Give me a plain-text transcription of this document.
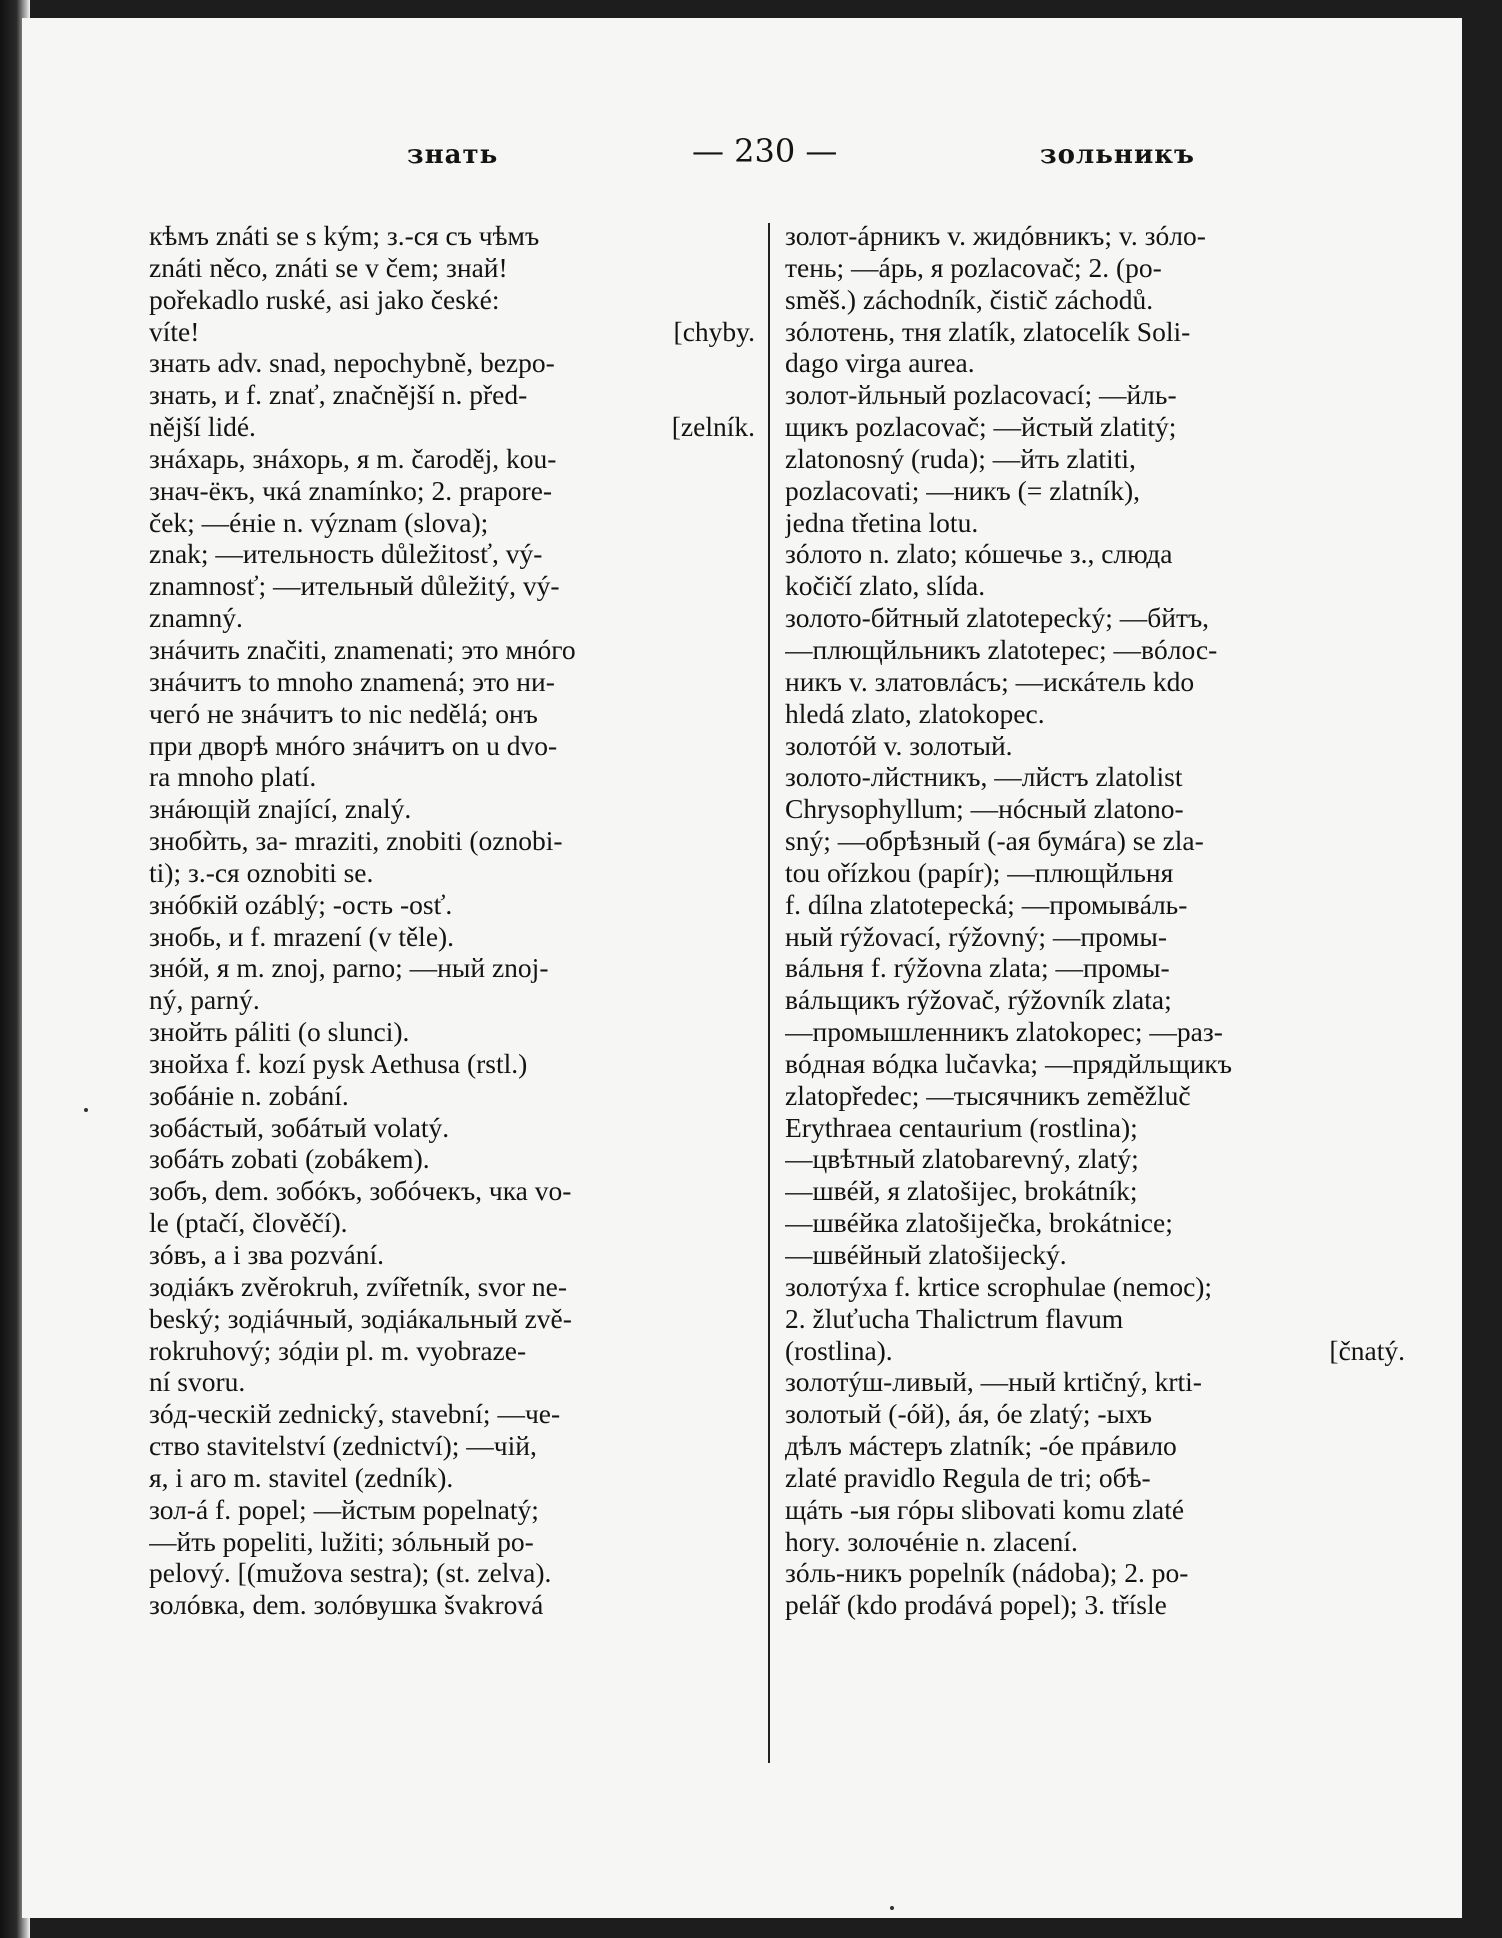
знать	— 230 —	зольникъ
кѣмъ znáti se s kým; з.-ся съ чѣмъ
znáti něco, znáti se v čem; знай!
pořekadlo ruské, asi jako české:
víte!	[chyby.
знать adv. snad, nepochybně, bezpo-
знать, и f. znať, značnější n. před-
nější lidé.	[zelník.
знáхарь, знáхорь, я m. čaroděj, kou-
знач-ёкъ, чкá znamínko; 2. prapore-
ček; —éніе n. význam (slova);
znak; —ительность důležitosť, vý-
znamnosť; —ительный důležitý, vý-
znamný.
знáчить značiti, znamenati; это мнóго
знáчитъ to mnoho znamená; это ни-
чегó не знáчитъ to nic nedělá; онъ
при дворѣ мнóго знáчитъ on u dvo-
ra mnoho platí.
знáющій znající, znalý.
знобѝть, за- mraziti, znobiti (oznobi-
ti); з.-ся oznobiti se.
знóбкій ozáblý; -ость -osť.
знобь, и f. mrazení (v těle).
знóй, я m. znoj, parno; —ный znoj-
ný, parný.
знойть páliti (o slunci).
знойха f. kozí pysk Aethusa (rstl.)
зобáніе n. zobání.
зобáстый, зобáтый volatý.
зобáть zobati (zobákem).
зобъ, dem. зобóкъ, зобóчекъ, чка vo-
le (ptačí, člověčí).
зóвъ, а і зва pozvání.
зодіáкъ zvěrokruh, zvířetník, svor ne-
beský; зодіáчный, зодіáкальный zvě-
rokruhový; зóдіи pl. m. vyobraze-
ní svoru.
зóд-ческій zednický, stavební; —че-
ство stavitelství (zednictví); —чій,
я, і аго m. stavitel (zedník).
зол-á f. popel; —йстым popelnatý;
—йть popeliti, lužiti; зóльный po-
pelový. [(mužova sestra); (st. zelva).
золóвка, dem. золóвушка švakrová
золот-áрникъ v. жидóвникъ; v. зóло-
тень; —áрь, я pozlacovač; 2. (po-
směš.) záchodník, čistič záchodů.
зóлотень, тня zlatík, zlatocelík Soli-
dago virga aurea.
золот-йльный pozlacovací; —йль-
щикъ pozlacovač; —йстый zlatitý;
zlatonosný (ruda); —йть zlatiti,
pozlacovati; —никъ (= zlatník),
jedna třetina lotu.
зóлото n. zlato; кóшечье з., слюда
kočičí zlato, slída.
золото-бйтный zlatotepecký; —бйтъ,
—плющйльникъ zlatotepec; —вóлос-
никъ v. златовлáсъ; —искáтель kdo
hledá zlato, zlatokopec.
золотóй v. золотый.
золото-лйстникъ, —лйстъ zlatolist
Chrysophyllum; —нóсный zlatono-
sný; —обрѣзный (-ая бумáга) se zla-
tou ořízkou (papír); —плющйльня
f. dílna zlatotepecká; —промывáль-
ный rýžovací, rýžovný; —промы-
вáльня f. rýžovna zlata; —промы-
вáльщикъ rýžovač, rýžovník zlata;
—промышленникъ zlatokopec; —раз-
вóдная вóдка lučavka; —прядйльщикъ
zlatopředec; —тысячникъ zeměžluč
Erythraea centaurium (rostlina);
—цвѣтный zlatobarevný, zlatý;
—швéй, я zlatošijec, brokátník;
—швéйка zlatošiječka, brokátnice;
—швéйный zlatošijecký.
золотýха f. krtice scrophulae (nemoc);
2. žluťucha Thalictrum flavum
(rostlina).	[čnatý.
золотýш-ливый, —ный krtičný, krti-
золотый (-óй), áя, óе zlatý; -ыхъ
дѣлъ мáстеръ zlatník; -óе прáвило
zlaté pravidlo Regula de tri; обѣ-
щáть -ыя гóры slibovati komu zlaté
hory. золочéніе n. zlacení.
зóль-никъ popelník (nádoba); 2. po-
pelář (kdo prodává popel); 3. třísle
